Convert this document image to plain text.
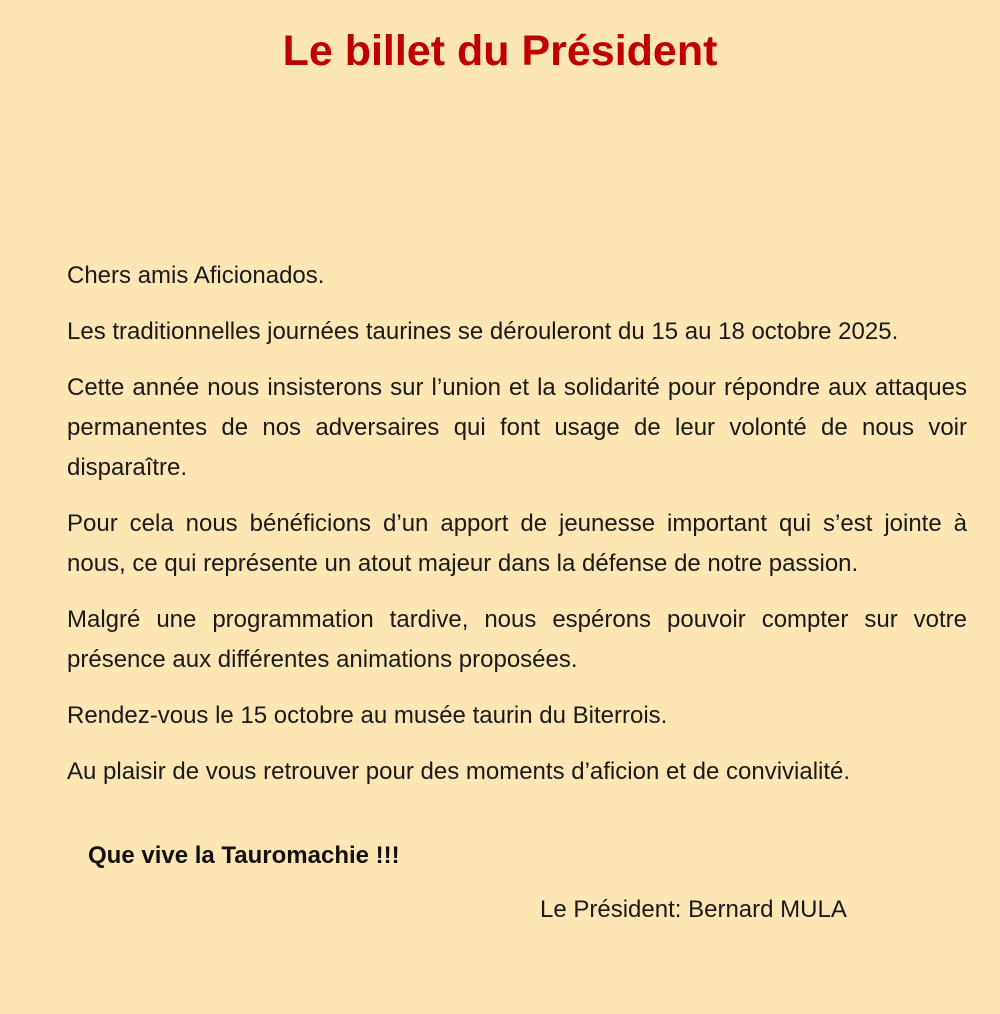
Le billet du Président

Chers amis Aficionados.

Les traditionnelles journées taurines se dérouleront du 15 au 18 octobre 2025.

Cette année nous insisterons sur l’union et la solidarité pour répondre aux attaques permanentes de nos adversaires qui font usage de leur volonté de nous voir disparaître.

Pour cela nous bénéficions d’un apport de jeunesse important qui s’est jointe à nous, ce qui représente un atout majeur dans la défense de notre passion.

Malgré une programmation tardive, nous espérons pouvoir compter sur votre présence aux différentes animations proposées.

Rendez-vous le 15 octobre au musée taurin du Biterrois.

Au plaisir de vous retrouver pour des moments d’aficion et de convivialité.

Que vive la Tauromachie !!!

Le Président: Bernard MULA
